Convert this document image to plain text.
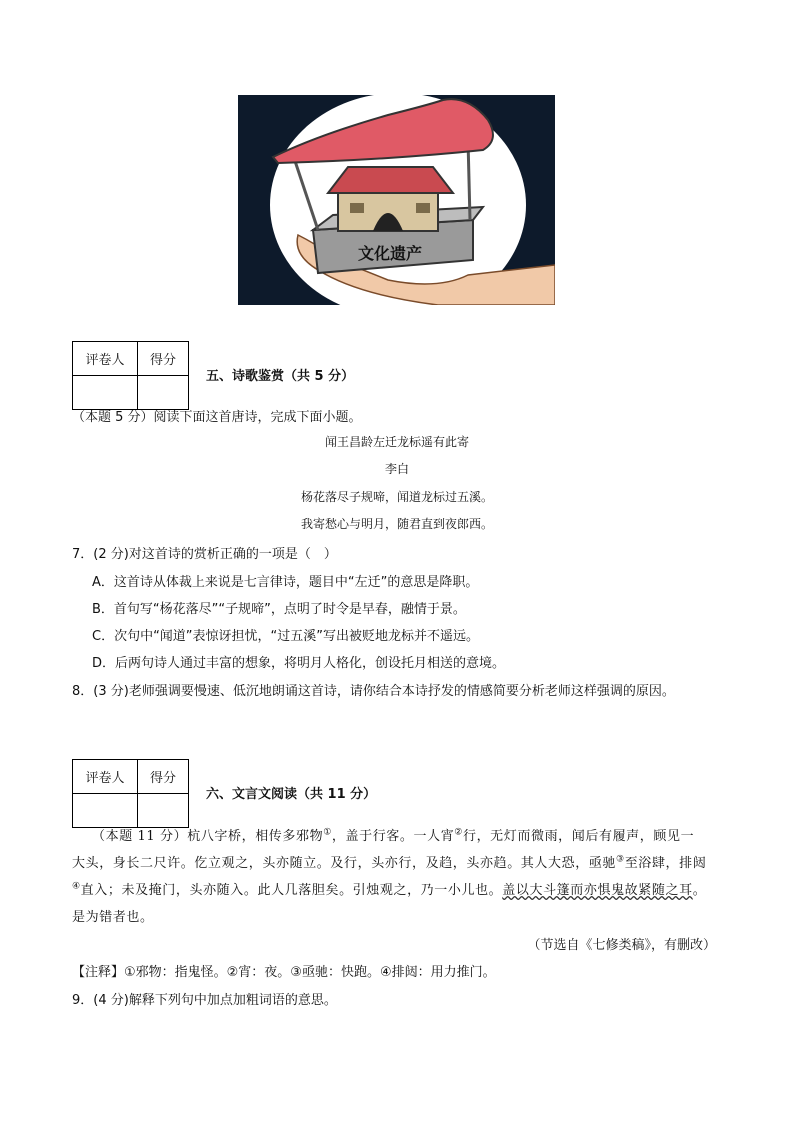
文化遗产
评卷人	得分

五、诗歌鉴赏（共 5 分）
（本题 5 分）阅读下面这首唐诗，完成下面小题。
闻王昌龄左迁龙标遥有此寄
李白
杨花落尽子规啼，闻道龙标过五溪。
我寄愁心与明月，随君直到夜郎西。
7．(2 分)对这首诗的赏析正确的一项是（　）
A．这首诗从体裁上来说是七言律诗，题目中“左迁”的意思是降职。
B．首句写“杨花落尽”“子规啼”，点明了时令是早春，融情于景。
C．次句中“闻道”表惊讶担忧，“过五溪”写出被贬地龙标并不遥远。
D．后两句诗人通过丰富的想象，将明月人格化，创设托月相送的意境。
8．(3 分)老师强调要慢速、低沉地朗诵这首诗，请你结合本诗抒发的情感简要分析老师这样强调的原因。
评卷人	得分

六、文言文阅读（共 11 分）
（本题 11 分）杭八字桥，相传多邪物①，盖于行客。一人宵②行，无灯而微雨，闻后有履声，顾见一
大头，身长二尺许。仡立观之，头亦随立。及行，头亦行，及趋，头亦趋。其人大恐，亟驰③至浴肆，排闼
④直入；未及掩门，头亦随入。此人几落胆矣。引烛观之，乃一小儿也。盖以大斗篷而亦惧鬼故紧随之耳。
是为错者也。
（节选自《七修类稿》，有删改）
【注释】①邪物：指鬼怪。②宵：夜。③亟驰：快跑。④排闼：用力推门。
9．(4 分)解释下列句中加点加粗词语的意思。
